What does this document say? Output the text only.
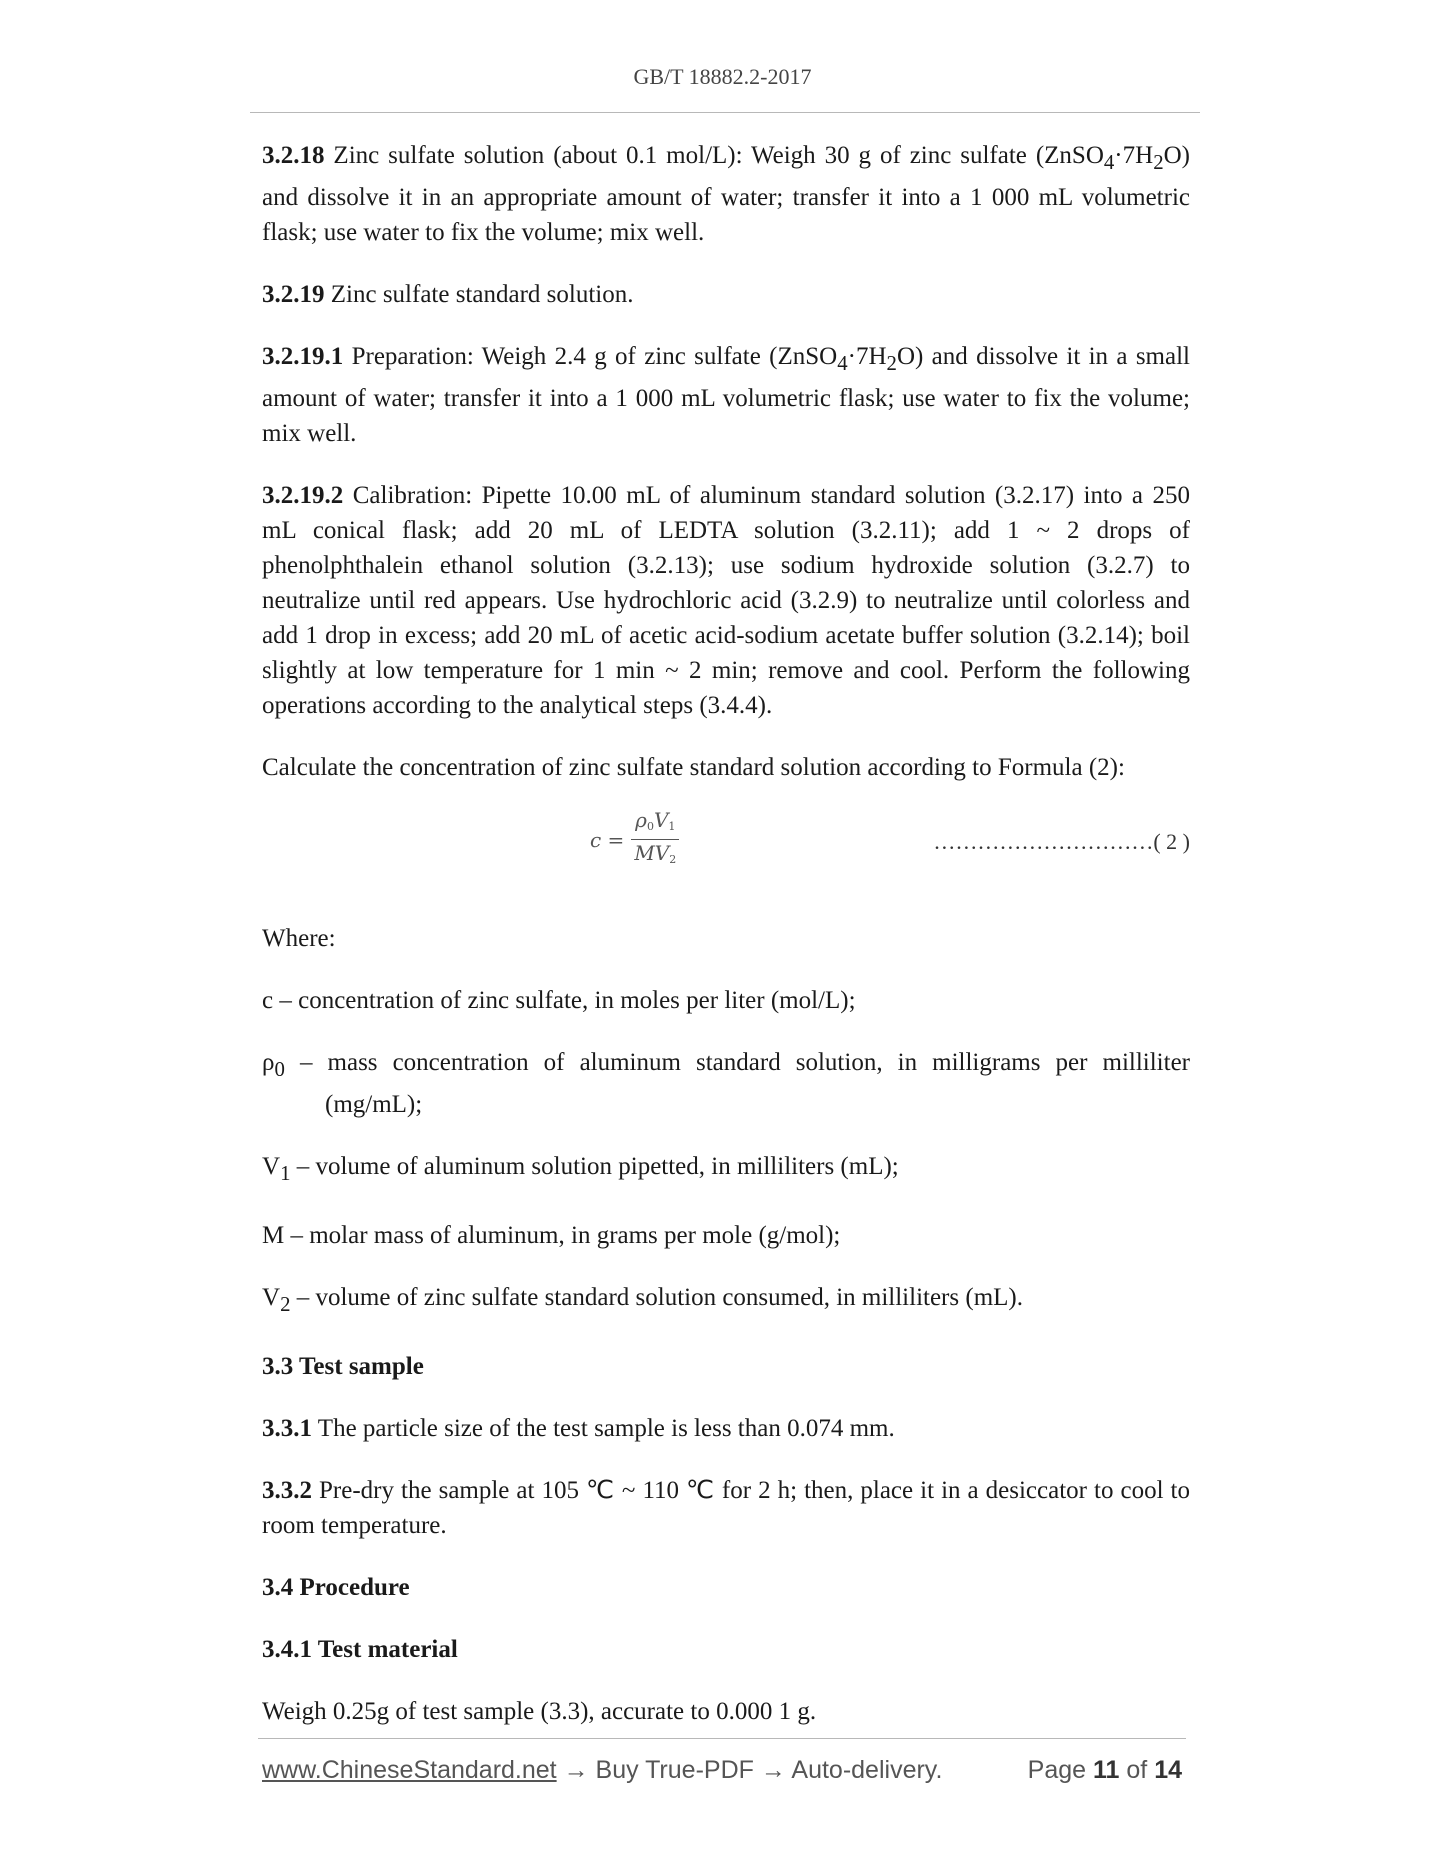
GB/T 18882.2-2017

3.2.18 Zinc sulfate solution (about 0.1 mol/L): Weigh 30 g of zinc sulfate $(ZnSO_4\cdot 7H_2O)$ and dissolve it in an appropriate amount of water; transfer it into a 1 000 mL volumetric flask; use water to fix the volume; mix well.

3.2.19 Zinc sulfate standard solution.

3.2.19.1 Preparation: Weigh 2.4 g of zinc sulfate $(ZnSO_4\cdot 7H_2O)$ and dissolve it in a small amount of water; transfer it into a 1 000 mL volumetric flask; use water to fix the volume; mix well.

3.2.19.2 Calibration: Pipette 10.00 mL of aluminum standard solution (3.2.17) into a 250 mL conical flask; add 20 mL of LEDTA solution (3.2.11); add 1 ~ 2 drops of phenolphthalein ethanol solution (3.2.13); use sodium hydroxide solution (3.2.7) to neutralize until red appears. Use hydrochloric acid (3.2.9) to neutralize until colorless and add 1 drop in excess; add 20 mL of acetic acid-sodium acetate buffer solution (3.2.14); boil slightly at low temperature for 1 min ~ 2 min; remove and cool. Perform the following operations according to the analytical steps (3.4.4).

Calculate the concentration of zinc sulfate standard solution according to Formula (2):

$c = \frac{\rho_0V_1}{MV_2}$	…………………………( 2 )

Where:

c – concentration of zinc sulfate, in moles per liter (mol/L);

$\rho_0$ – mass concentration of aluminum standard solution, in milligrams per milliliter (mg/mL);

$V_1$ – volume of aluminum solution pipetted, in milliliters (mL);

M – molar mass of aluminum, in grams per mole (g/mol);

$V_2$ – volume of zinc sulfate standard solution consumed, in milliliters (mL).

3.3 Test sample

3.3.1 The particle size of the test sample is less than 0.074 mm.

3.3.2 Pre-dry the sample at 105 ℃ ~ 110 ℃ for 2 h; then, place it in a desiccator to cool to room temperature.

3.4 Procedure

3.4.1 Test material

Weigh 0.25g of test sample (3.3), accurate to 0.000 1 g.

www.ChineseStandard.net → Buy True-PDF → Auto-delivery.	Page 11 of 14
